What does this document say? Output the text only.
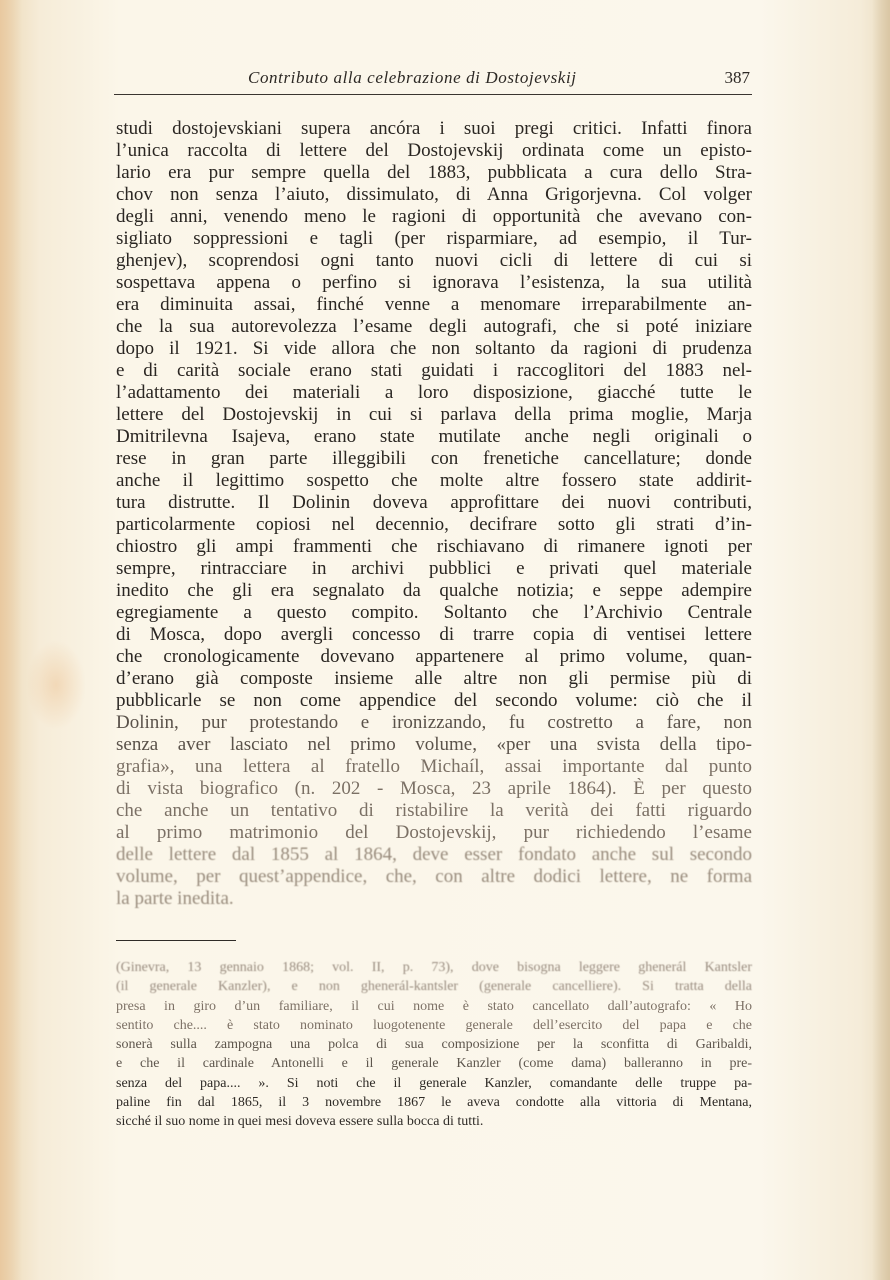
Contributo alla celebrazione di Dostojevskij	387
studi dostojevskiani supera ancóra i suoi pregi critici. Infatti finora
l’unica raccolta di lettere del Dostojevskij ordinata come un episto-
lario era pur sempre quella del 1883, pubblicata a cura dello Stra-
chov non senza l’aiuto, dissimulato, di Anna Grigorjevna. Col volger
degli anni, venendo meno le ragioni di opportunità che avevano con-
sigliato soppressioni e tagli (per risparmiare, ad esempio, il Tur-
ghenjev), scoprendosi ogni tanto nuovi cicli di lettere di cui si
sospettava appena o perfino si ignorava l’esistenza, la sua utilità
era diminuita assai, finché venne a menomare irreparabilmente an-
che la sua autorevolezza l’esame degli autografi, che si poté iniziare
dopo il 1921. Si vide allora che non soltanto da ragioni di prudenza
e di carità sociale erano stati guidati i raccoglitori del 1883 nel-
l’adattamento dei materiali a loro disposizione, giacché tutte le
lettere del Dostojevskij in cui si parlava della prima moglie, Marja
Dmitrilevna Isajeva, erano state mutilate anche negli originali o
rese in gran parte illeggibili con frenetiche cancellature; donde
anche il legittimo sospetto che molte altre fossero state addirit-
tura distrutte. Il Dolinin doveva approfittare dei nuovi contributi,
particolarmente copiosi nel decennio, decifrare sotto gli strati d’in-
chiostro gli ampi frammenti che rischiavano di rimanere ignoti per
sempre, rintracciare in archivi pubblici e privati quel materiale
inedito che gli era segnalato da qualche notizia; e seppe adempire
egregiamente a questo compito. Soltanto che l’Archivio Centrale
di Mosca, dopo avergli concesso di trarre copia di ventisei lettere
che cronologicamente dovevano appartenere al primo volume, quan-
d’erano già composte insieme alle altre non gli permise più di
pubblicarle se non come appendice del secondo volume: ciò che il
Dolinin, pur protestando e ironizzando, fu costretto a fare, non
senza aver lasciato nel primo volume, «per una svista della tipo-
grafia», una lettera al fratello Michaíl, assai importante dal punto
di vista biografico (n. 202 - Mosca, 23 aprile 1864). È per questo
che anche un tentativo di ristabilire la verità dei fatti riguardo
al primo matrimonio del Dostojevskij, pur richiedendo l’esame
delle lettere dal 1855 al 1864, deve esser fondato anche sul secondo
volume, per quest’appendice, che, con altre dodici lettere, ne forma
la parte inedita.
(Ginevra, 13 gennaio 1868; vol. II, p. 73), dove bisogna leggere ghenerál Kantsler
(il generale Kanzler), e non ghenerál-kantsler (generale cancelliere). Si tratta della
presa in giro d’un familiare, il cui nome è stato cancellato dall’autografo: « Ho
sentito che.... è stato nominato luogotenente generale dell’esercito del papa e che
sonerà sulla zampogna una polca di sua composizione per la sconfitta di Garibaldi,
e che il cardinale Antonelli e il generale Kanzler (come dama) balleranno in pre-
senza del papa.... ». Si noti che il generale Kanzler, comandante delle truppe pa-
paline fin dal 1865, il 3 novembre 1867 le aveva condotte alla vittoria di Mentana,
sicché il suo nome in quei mesi doveva essere sulla bocca di tutti.
